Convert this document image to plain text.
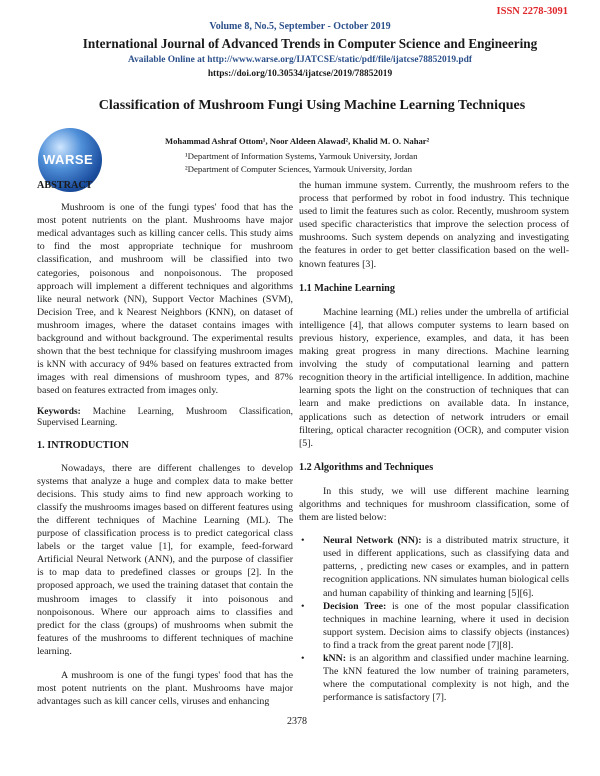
ISSN 2278-3091
Volume 8, No.5, September - October 2019
International Journal of Advanced Trends in Computer Science and Engineering
Available Online at http://www.warse.org/IJATCSE/static/pdf/file/ijatcse78852019.pdf
https://doi.org/10.30534/ijatcse/2019/78852019
WARSE
Classification of Mushroom Fungi Using Machine Learning Techniques
Mohammad Ashraf Ottom¹, Noor Aldeen Alawad², Khalid M. O. Nahar²
¹Department of Information Systems, Yarmouk University, Jordan
²Department of Computer Sciences, Yarmouk University, Jordan

ABSTRACT

Mushroom is one of the fungi types' food that has the most potent nutrients on the plant. Mushrooms have major medical advantages such as killing cancer cells. This study aims to find the most appropriate technique for mushroom classification, and mushroom will be classified into two categories, poisonous and nonpoisonous. The proposed approach will implement a different techniques and algorithms like neural network (NN), Support Vector Machines (SVM), Decision Tree, and k Nearest Neighbors (KNN), on dataset of mushroom images, where the dataset contains images with background and without background. The experimental results shown that the best technique for classifying mushroom images is kNN with accuracy of 94% based on features extracted from images with real dimensions of mushroom types, and 87% based on features extracted from images only.

Keywords: Machine Learning, Mushroom Classification, Supervised Learning.

1. INTRODUCTION

Nowadays, there are different challenges to develop systems that analyze a huge and complex data to make better decisions. This study aims to find new approach working to classify the mushrooms images based on different features using the different techniques of Machine Learning (ML). The purpose of classification process is to predict categorical class labels or the target value [1], for example, feed-forward Artificial Neural Network (ANN), and the purpose of classifier is to map data to predefined classes or groups [2]. In the proposed approach, we used the training dataset that contain the mushroom images to classify it into poisonous and nonpoisonous. Where our approach aims to classifies and predict for the class (groups) of mushrooms when submit the features of the mushrooms to different techniques of machine learning.

A mushroom is one of the fungi types' food that has the most potent nutrients on the plant. Mushrooms have major advantages such as kill cancer cells, viruses and enhancing

the human immune system. Currently, the mushroom refers to the process that performed by robot in food industry. This technique used to limit the features such as color. Recently, mushroom system used specific characteristics that improve the selection process of mushrooms. Such system depends on analyzing and investigating the features in order to get better classification based on the well-known features [3].

1.1 Machine Learning

Machine learning (ML) relies under the umbrella of artificial intelligence [4], that allows computer systems to learn based on previous history, experience, examples, and data, it has been making great progress in many directions. Machine learning involving the study of computational learning and pattern recognition theory in the artificial intelligence. In addition, machine learning spots the light on the construction of techniques that can learn and make predictions on available data. In instance, applications such as detection of network intruders or email filtering, optical character recognition (OCR), and computer vision [5].

1.2 Algorithms and Techniques

In this study, we will use different machine learning algorithms and techniques for mushroom classification, some of them are listed below:

• Neural Network (NN): is a distributed matrix structure, it used in different applications, such as classifying data and patterns, , predicting new cases or examples, and in pattern recognition applications. NN simulates human biological cells and human capability of thinking and learning [5][6].
• Decision Tree: is one of the most popular classification techniques in machine learning, where it used in decision support system. Decision aims to classify objects (instances) to find a track from the great parent node [7][8].
• kNN: is an algorithm and classified under machine learning. The kNN featured the low number of training parameters, where the computational complexity is not high, and the performance is satisfactory [7].
2378
